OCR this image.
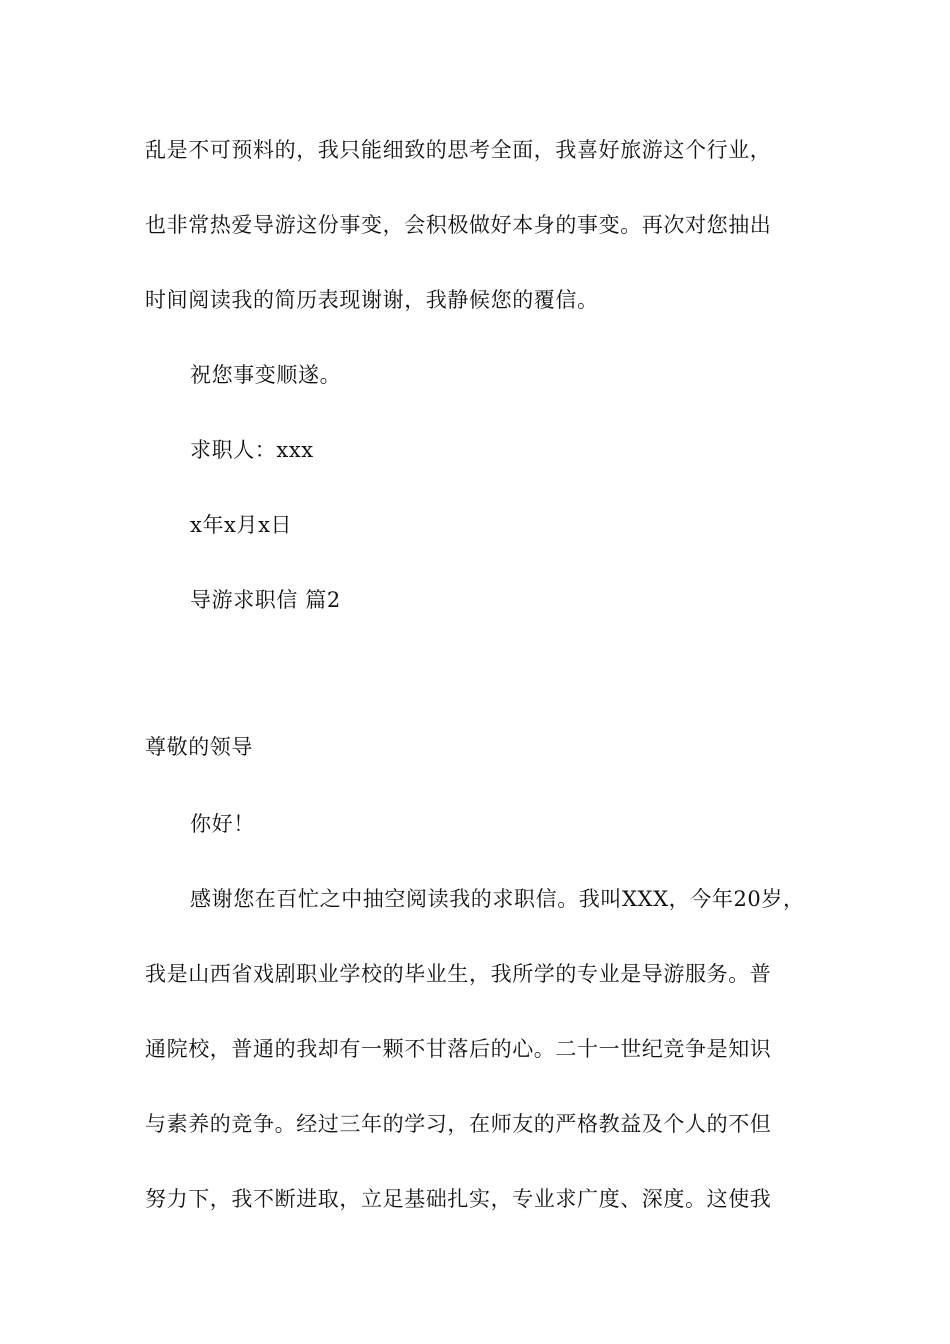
乱是不可预料的，我只能细致的思考全面，我喜好旅游这个行业，
也非常热爱导游这份事变，会积极做好本身的事变。再次对您抽出
时间阅读我的简历表现谢谢，我静候您的覆信。
祝您事变顺遂。
求职人：xxx
x年x月x日
导游求职信 篇2
尊敬的领导
你好！
感谢您在百忙之中抽空阅读我的求职信。我叫XXX，今年20岁，
我是山西省戏剧职业学校的毕业生，我所学的专业是导游服务。普
通院校，普通的我却有一颗不甘落后的心。二十一世纪竞争是知识
与素养的竞争。经过三年的学习，在师友的严格教益及个人的不但
努力下，我不断进取，立足基础扎实，专业求广度、深度。这使我
